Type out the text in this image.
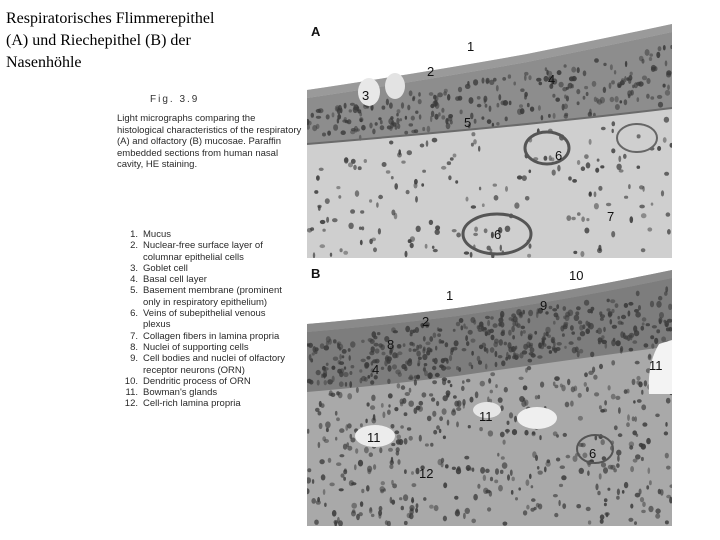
Respiratorisches Flimmerepithel
(A) und Riechepithel (B) der
Nasenhöhle
Fig. 3.9
Light micrographs comparing the histological characteristics of the respiratory (A) and olfactory (B) mucosae. Paraffin embedded sections from human nasal cavity, HE staining.
1. Mucus
2. Nuclear-free surface layer of columnar epithelial cells
3. Goblet cell
4. Basal cell layer
5. Basement membrane (prominent only in respiratory epithelium)
6. Veins of subepithelial venous plexus
7. Collagen fibers in lamina propria
8. Nuclei of supporting cells
9. Cell bodies and nuclei of olfactory receptor neurons (ORN)
10. Dendritic process of ORN
11. Bowman's glands
12. Cell-rich lamina propria
A
1
2
3
4
5
6
6
7
B
1
2
4
8
9
10
11
11
11
12
6
